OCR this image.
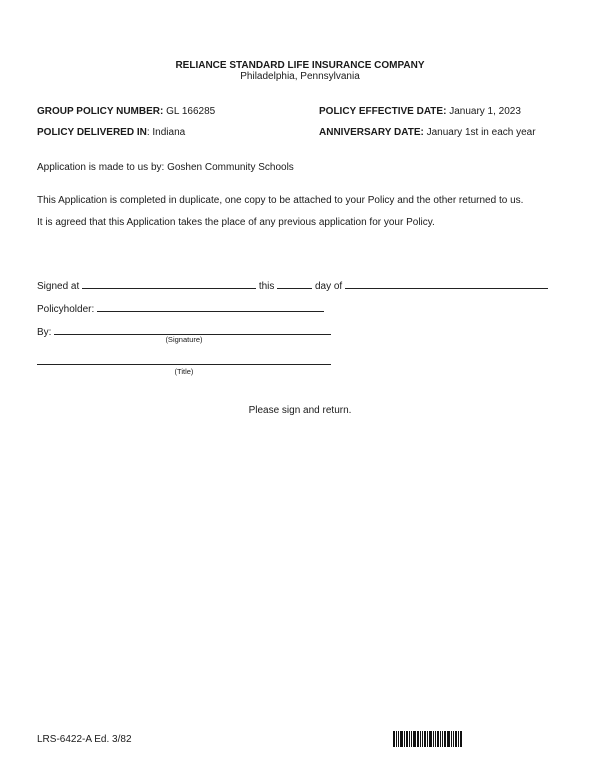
RELIANCE STANDARD LIFE INSURANCE COMPANY
Philadelphia, Pennsylvania
GROUP POLICY NUMBER: GL 166285	POLICY EFFECTIVE DATE: January 1, 2023
POLICY DELIVERED IN: Indiana	ANNIVERSARY DATE: January 1st in each year
Application is made to us by: Goshen Community Schools
This Application is completed in duplicate, one copy to be attached to your Policy and the other returned to us.
It is agreed that this Application takes the place of any previous application for your Policy.
Signed at	this	day of
Policyholder:
By:
(Signature)
(Title)
Please sign and return.
LRS-6422-A Ed. 3/82
